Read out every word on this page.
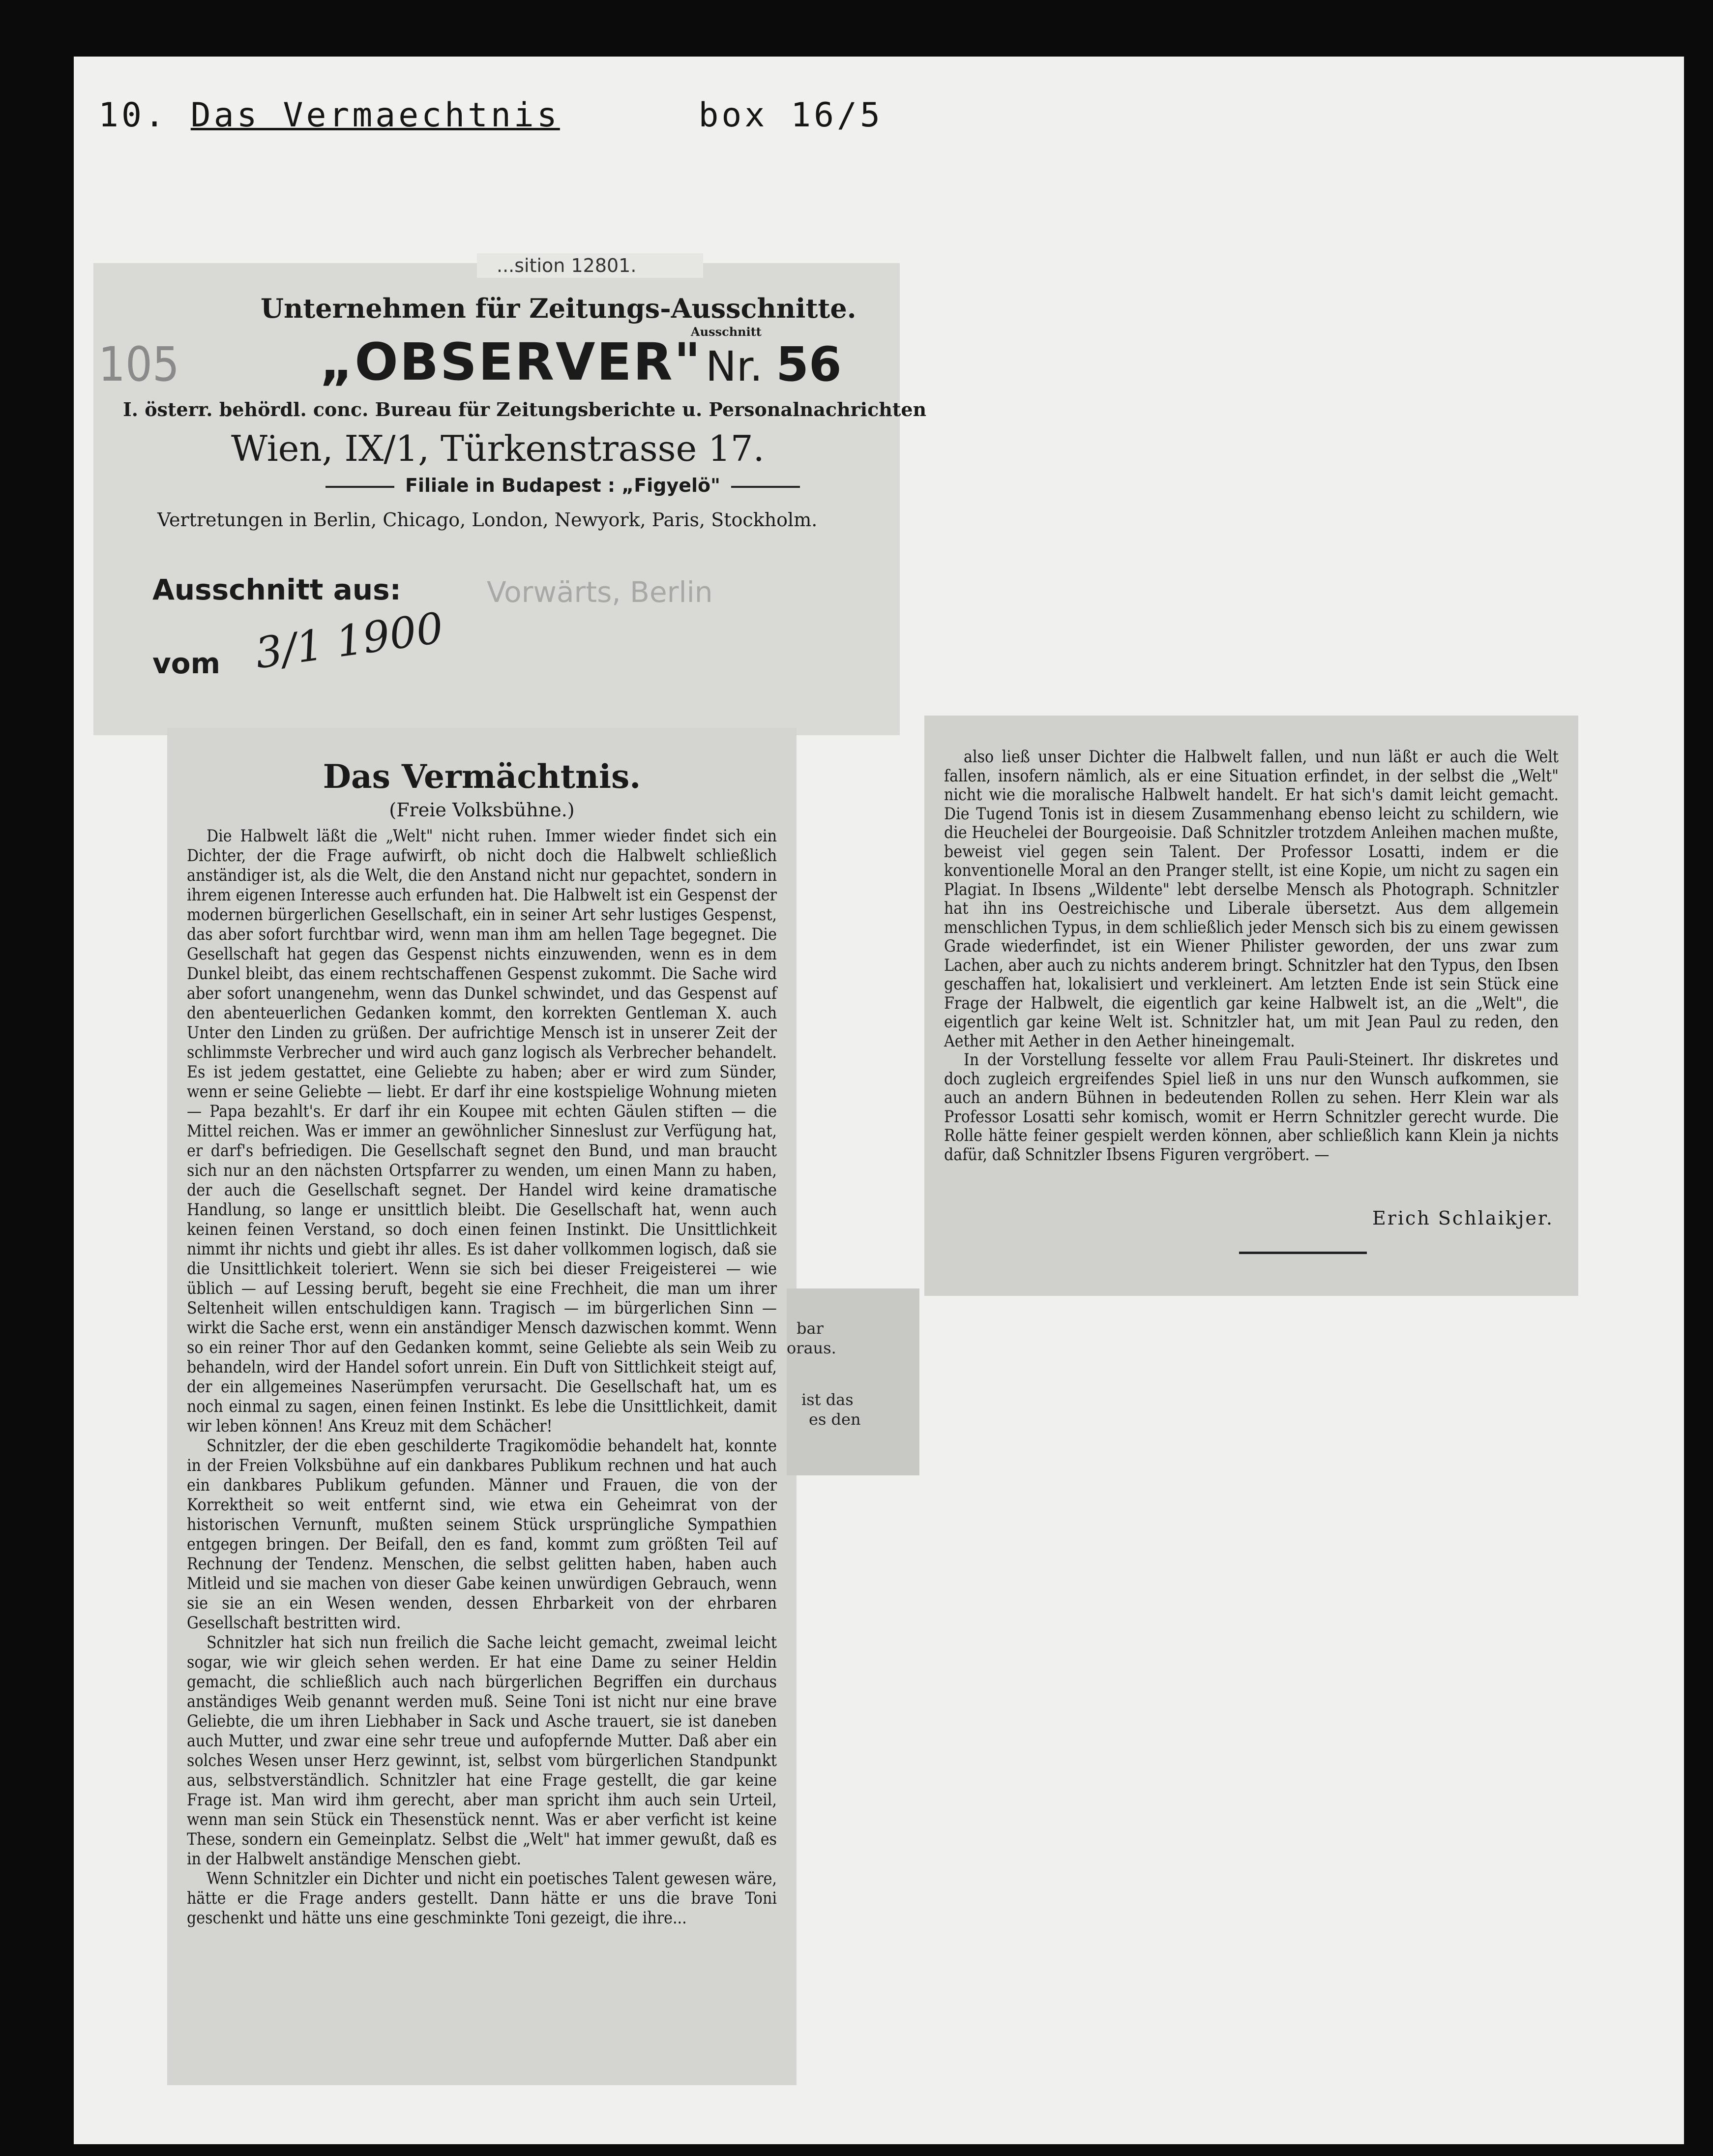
10. Das Vermaechtnis	box 16/5
...sition 12801.
Unternehmen für Zeitungs-Ausschnitte.
Ausschnitt
105	„OBSERVER" Nr. 56
I. österr. behördl. conc. Bureau für Zeitungsberichte u. Personalnachrichten
Wien, IX/1, Türkenstrasse 17.
Filiale in Budapest : „Figyelö"
Vertretungen in Berlin, Chicago, London, Newyork, Paris, Stockholm.
Ausschnitt aus:	Vorwärts, Berlin
vom 3/1 1900
Das Vermächtnis.
(Freie Volksbühne.)

Die Halbwelt läßt die „Welt" nicht ruhen. Immer wieder findet sich ein Dichter, der die Frage aufwirft, ob nicht doch die Halbwelt schließlich anständiger ist, als die Welt, die den Anstand nicht nur gepachtet, sondern in ihrem eigenen Interesse auch erfunden hat. Die Halbwelt ist ein Gespenst der modernen bürgerlichen Gesellschaft, ein in seiner Art sehr lustiges Gespenst, das aber sofort furchtbar wird, wenn man ihm am hellen Tage begegnet. Die Gesellschaft hat gegen das Gespenst nichts einzuwenden, wenn es in dem Dunkel bleibt, das einem rechtschaffenen Gespenst zukommt. Die Sache wird aber sofort unangenehm, wenn das Dunkel schwindet, und das Gespenst auf den abenteuerlichen Gedanken kommt, den korrekten Gentleman X. auch Unter den Linden zu grüßen. Der aufrichtige Mensch ist in unserer Zeit der schlimmste Verbrecher und wird auch ganz logisch als Verbrecher behandelt. Es ist jedem gestattet, eine Geliebte zu haben; aber er wird zum Sünder, wenn er seine Geliebte — liebt. Er darf ihr eine kostspielige Wohnung mieten — Papa bezahlt's. Er darf ihr ein Koupee mit echten Gäulen stiften — die Mittel reichen. Was er immer an gewöhnlicher Sinneslust zur Verfügung hat, er darf's befriedigen. Die Gesellschaft segnet den Bund, und man braucht sich nur an den nächsten Ortspfarrer zu wenden, um einen Mann zu haben, der auch die Gesellschaft segnet. Der Handel wird keine dramatische Handlung, so lange er unsittlich bleibt. Die Gesellschaft hat, wenn auch keinen feinen Verstand, so doch einen feinen Instinkt. Die Unsittlichkeit nimmt ihr nichts und giebt ihr alles. Es ist daher vollkommen logisch, daß sie die Unsittlichkeit toleriert. Wenn sie sich bei dieser Freigeisterei — wie üblich — auf Lessing beruft, begeht sie eine Frechheit, die man um ihrer Seltenheit willen entschuldigen kann. Tragisch — im bürgerlichen Sinn — wirkt die Sache erst, wenn ein anständiger Mensch dazwischen kommt. Wenn so ein reiner Thor auf den Gedanken kommt, seine Geliebte als sein Weib zu behandeln, wird der Handel sofort unrein. Ein Duft von Sittlichkeit steigt auf, der ein allgemeines Naserümpfen verursacht. Die Gesellschaft hat, um es noch einmal zu sagen, einen feinen Instinkt. Es lebe die Unsittlichkeit, damit wir leben können! Ans Kreuz mit dem Schächer!

Schnitzler, der die eben geschilderte Tragikomödie behandelt hat, konnte in der Freien Volksbühne auf ein dankbares Publikum rechnen und hat auch ein dankbares Publikum gefunden. Männer und Frauen, die von der Korrektheit so weit entfernt sind, wie etwa ein Geheimrat von der historischen Vernunft, mußten seinem Stück ursprüngliche Sympathien entgegen bringen. Der Beifall, den es fand, kommt zum größten Teil auf Rechnung der Tendenz. Menschen, die selbst gelitten haben, haben auch Mitleid und sie machen von dieser Gabe keinen unwürdigen Gebrauch, wenn sie sie an ein Wesen wenden, dessen Ehrbarkeit von der ehrbaren Gesellschaft bestritten wird.

Schnitzler hat sich nun freilich die Sache leicht gemacht, zweimal leicht sogar, wie wir gleich sehen werden. Er hat eine Dame zu seiner Heldin gemacht, die schließlich auch nach bürgerlichen Begriffen ein durchaus anständiges Weib genannt werden muß. Seine Toni ist nicht nur eine brave Geliebte, die um ihren Liebhaber in Sack und Asche trauert, sie ist daneben auch Mutter, und zwar eine sehr treue und aufopfernde Mutter. Daß aber ein solches Wesen unser Herz gewinnt, ist, selbst vom bürgerlichen Standpunkt aus, selbstverständlich. Schnitzler hat eine Frage gestellt, die gar keine Frage ist. Man wird ihm gerecht, aber man spricht ihm auch sein Urteil, wenn man sein Stück ein Thesenstück nennt. Was er aber verficht ist keine These, sondern ein Gemeinplatz. Selbst die „Welt" hat immer gewußt, daß es in der Halbwelt anständige Menschen giebt.

Wenn Schnitzler ein Dichter und nicht ein poetisches Talent gewesen wäre, hätte er die Frage anders gestellt. Dann hätte er uns die brave Toni geschenkt und hätte uns eine geschminkte Toni gezeigt, die ihre...

also ließ unser Dichter die Halbwelt fallen, und nun läßt er auch die Welt fallen, insofern nämlich, als er eine Situation erfindet, in der selbst die „Welt" nicht wie die moralische Halbwelt handelt. Er hat sich's damit leicht gemacht. Die Tugend Tonis ist in diesem Zusammenhang ebenso leicht zu schildern, wie die Heuchelei der Bourgeoisie. Daß Schnitzler trotzdem Anleihen machen mußte, beweist viel gegen sein Talent. Der Professor Losatti, indem er die konventionelle Moral an den Pranger stellt, ist eine Kopie, um nicht zu sagen ein Plagiat. In Ibsens „Wildente" lebt derselbe Mensch als Photograph. Schnitzler hat ihn ins Oestreichische und Liberale übersetzt. Aus dem allgemein menschlichen Typus, in dem schließlich jeder Mensch sich bis zu einem gewissen Grade wiederfindet, ist ein Wiener Philister geworden, der uns zwar zum Lachen, aber auch zu nichts anderem bringt. Schnitzler hat den Typus, den Ibsen geschaffen hat, lokalisiert und verkleinert. Am letzten Ende ist sein Stück eine Frage der Halbwelt, die eigentlich gar keine Halbwelt ist, an die „Welt", die eigentlich gar keine Welt ist. Schnitzler hat, um mit Jean Paul zu reden, den Aether mit Aether in den Aether hineingemalt.

In der Vorstellung fesselte vor allem Frau Pauli-Steinert. Ihr diskretes und doch zugleich ergreifendes Spiel ließ in uns nur den Wunsch aufkommen, sie auch an andern Bühnen in bedeutenden Rollen zu sehen. Herr Klein war als Professor Losatti sehr komisch, womit er Herrn Schnitzler gerecht wurde. Die Rolle hätte feiner gespielt werden können, aber schließlich kann Klein ja nichts dafür, daß Schnitzler Ibsens Figuren vergröbert. —

Erich Schlaikjer.
bar
oraus.
ist das
es den
